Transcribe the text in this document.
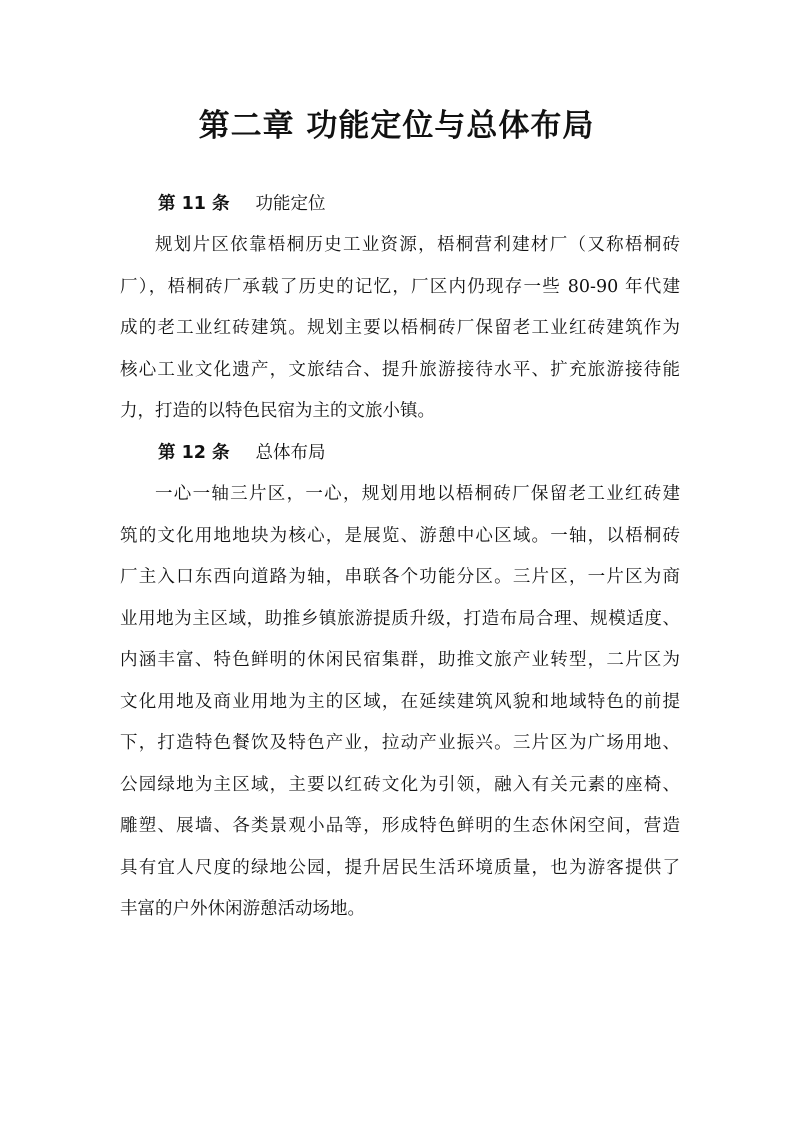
第二章 功能定位与总体布局
第 11 条 功能定位
规划片区依靠梧桐历史工业资源，梧桐营利建材厂（又称梧桐砖
厂），梧桐砖厂承载了历史的记忆，厂区内仍现存一些 80-90 年代建
成的老工业红砖建筑。规划主要以梧桐砖厂保留老工业红砖建筑作为
核心工业文化遗产，文旅结合、提升旅游接待水平、扩充旅游接待能
力，打造的以特色民宿为主的文旅小镇。
第 12 条 总体布局
一心一轴三片区，一心，规划用地以梧桐砖厂保留老工业红砖建
筑的文化用地地块为核心，是展览、游憩中心区域。一轴，以梧桐砖
厂主入口东西向道路为轴，串联各个功能分区。三片区，一片区为商
业用地为主区域，助推乡镇旅游提质升级，打造布局合理、规模适度、
内涵丰富、特色鲜明的休闲民宿集群，助推文旅产业转型，二片区为
文化用地及商业用地为主的区域，在延续建筑风貌和地域特色的前提
下，打造特色餐饮及特色产业，拉动产业振兴。三片区为广场用地、
公园绿地为主区域，主要以红砖文化为引领，融入有关元素的座椅、
雕塑、展墙、各类景观小品等，形成特色鲜明的生态休闲空间，营造
具有宜人尺度的绿地公园，提升居民生活环境质量，也为游客提供了
丰富的户外休闲游憩活动场地。
